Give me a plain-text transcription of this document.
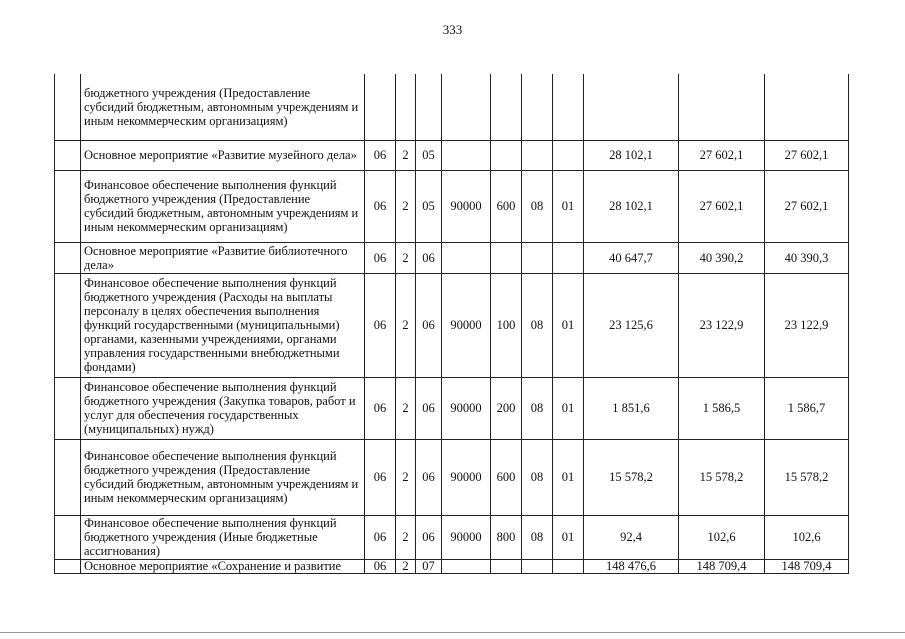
333
	бюджетного учреждения (Предоставление субсидий бюджетным, автономным учреждениям и иным некоммерческим организациям)										
	Основное мероприятие «Развитие музейного дела»	06	2	05					28 102,1	27 602,1	27 602,1
	Финансовое обеспечение выполнения функций бюджетного учреждения (Предоставление субсидий бюджетным, автономным учреждениям и иным некоммерческим организациям)	06	2	05	90000	600	08	01	28 102,1	27 602,1	27 602,1
	Основное мероприятие «Развитие библиотечного дела»	06	2	06					40 647,7	40 390,2	40 390,3
	Финансовое обеспечение выполнения функций бюджетного учреждения (Расходы на выплаты персоналу в целях обеспечения выполнения функций государственными (муниципальными) органами, казенными учреждениями, органами управления государственными внебюджетными фондами)	06	2	06	90000	100	08	01	23 125,6	23 122,9	23 122,9
	Финансовое обеспечение выполнения функций бюджетного учреждения (Закупка товаров, работ и услуг для обеспечения государственных (муниципальных) нужд)	06	2	06	90000	200	08	01	1 851,6	1 586,5	1 586,7
	Финансовое обеспечение выполнения функций бюджетного учреждения (Предоставление субсидий бюджетным, автономным учреждениям и иным некоммерческим организациям)	06	2	06	90000	600	08	01	15 578,2	15 578,2	15 578,2
	Финансовое обеспечение выполнения функций бюджетного учреждения (Иные бюджетные ассигнования)	06	2	06	90000	800	08	01	92,4	102,6	102,6
	Основное мероприятие «Сохранение и развитие	06	2	07					148 476,6	148 709,4	148 709,4
